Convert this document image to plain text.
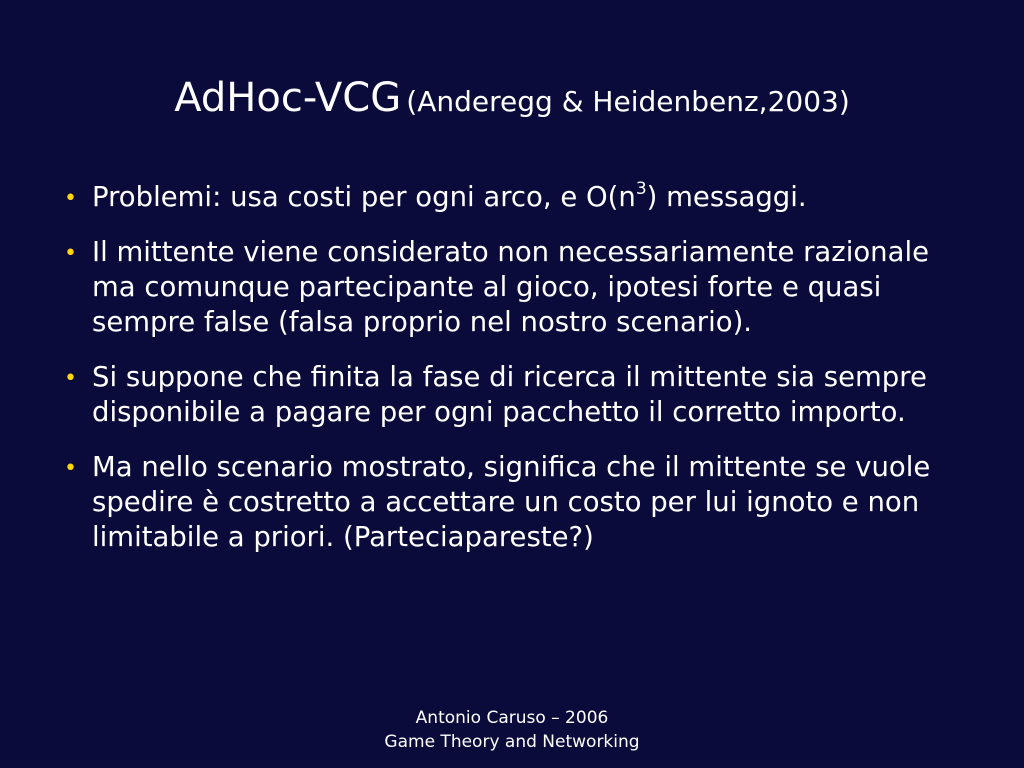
AdHoc-VCG (Anderegg & Heidenbenz,2003)
• Problemi: usa costi per ogni arco, e $O(n^3)$ messaggi.
• Il mittente viene considerato non necessariamente razionale ma comunque partecipante al gioco, ipotesi forte e quasi sempre false (falsa proprio nel nostro scenario).
• Si suppone che finita la fase di ricerca il mittente sia sempre disponibile a pagare per ogni pacchetto il corretto importo.
• Ma nello scenario mostrato, significa che il mittente se vuole spedire è costretto a accettare un costo per lui ignoto e non limitabile a priori. (Parteciapareste?)
Antonio Caruso – 2006
Game Theory and Networking
